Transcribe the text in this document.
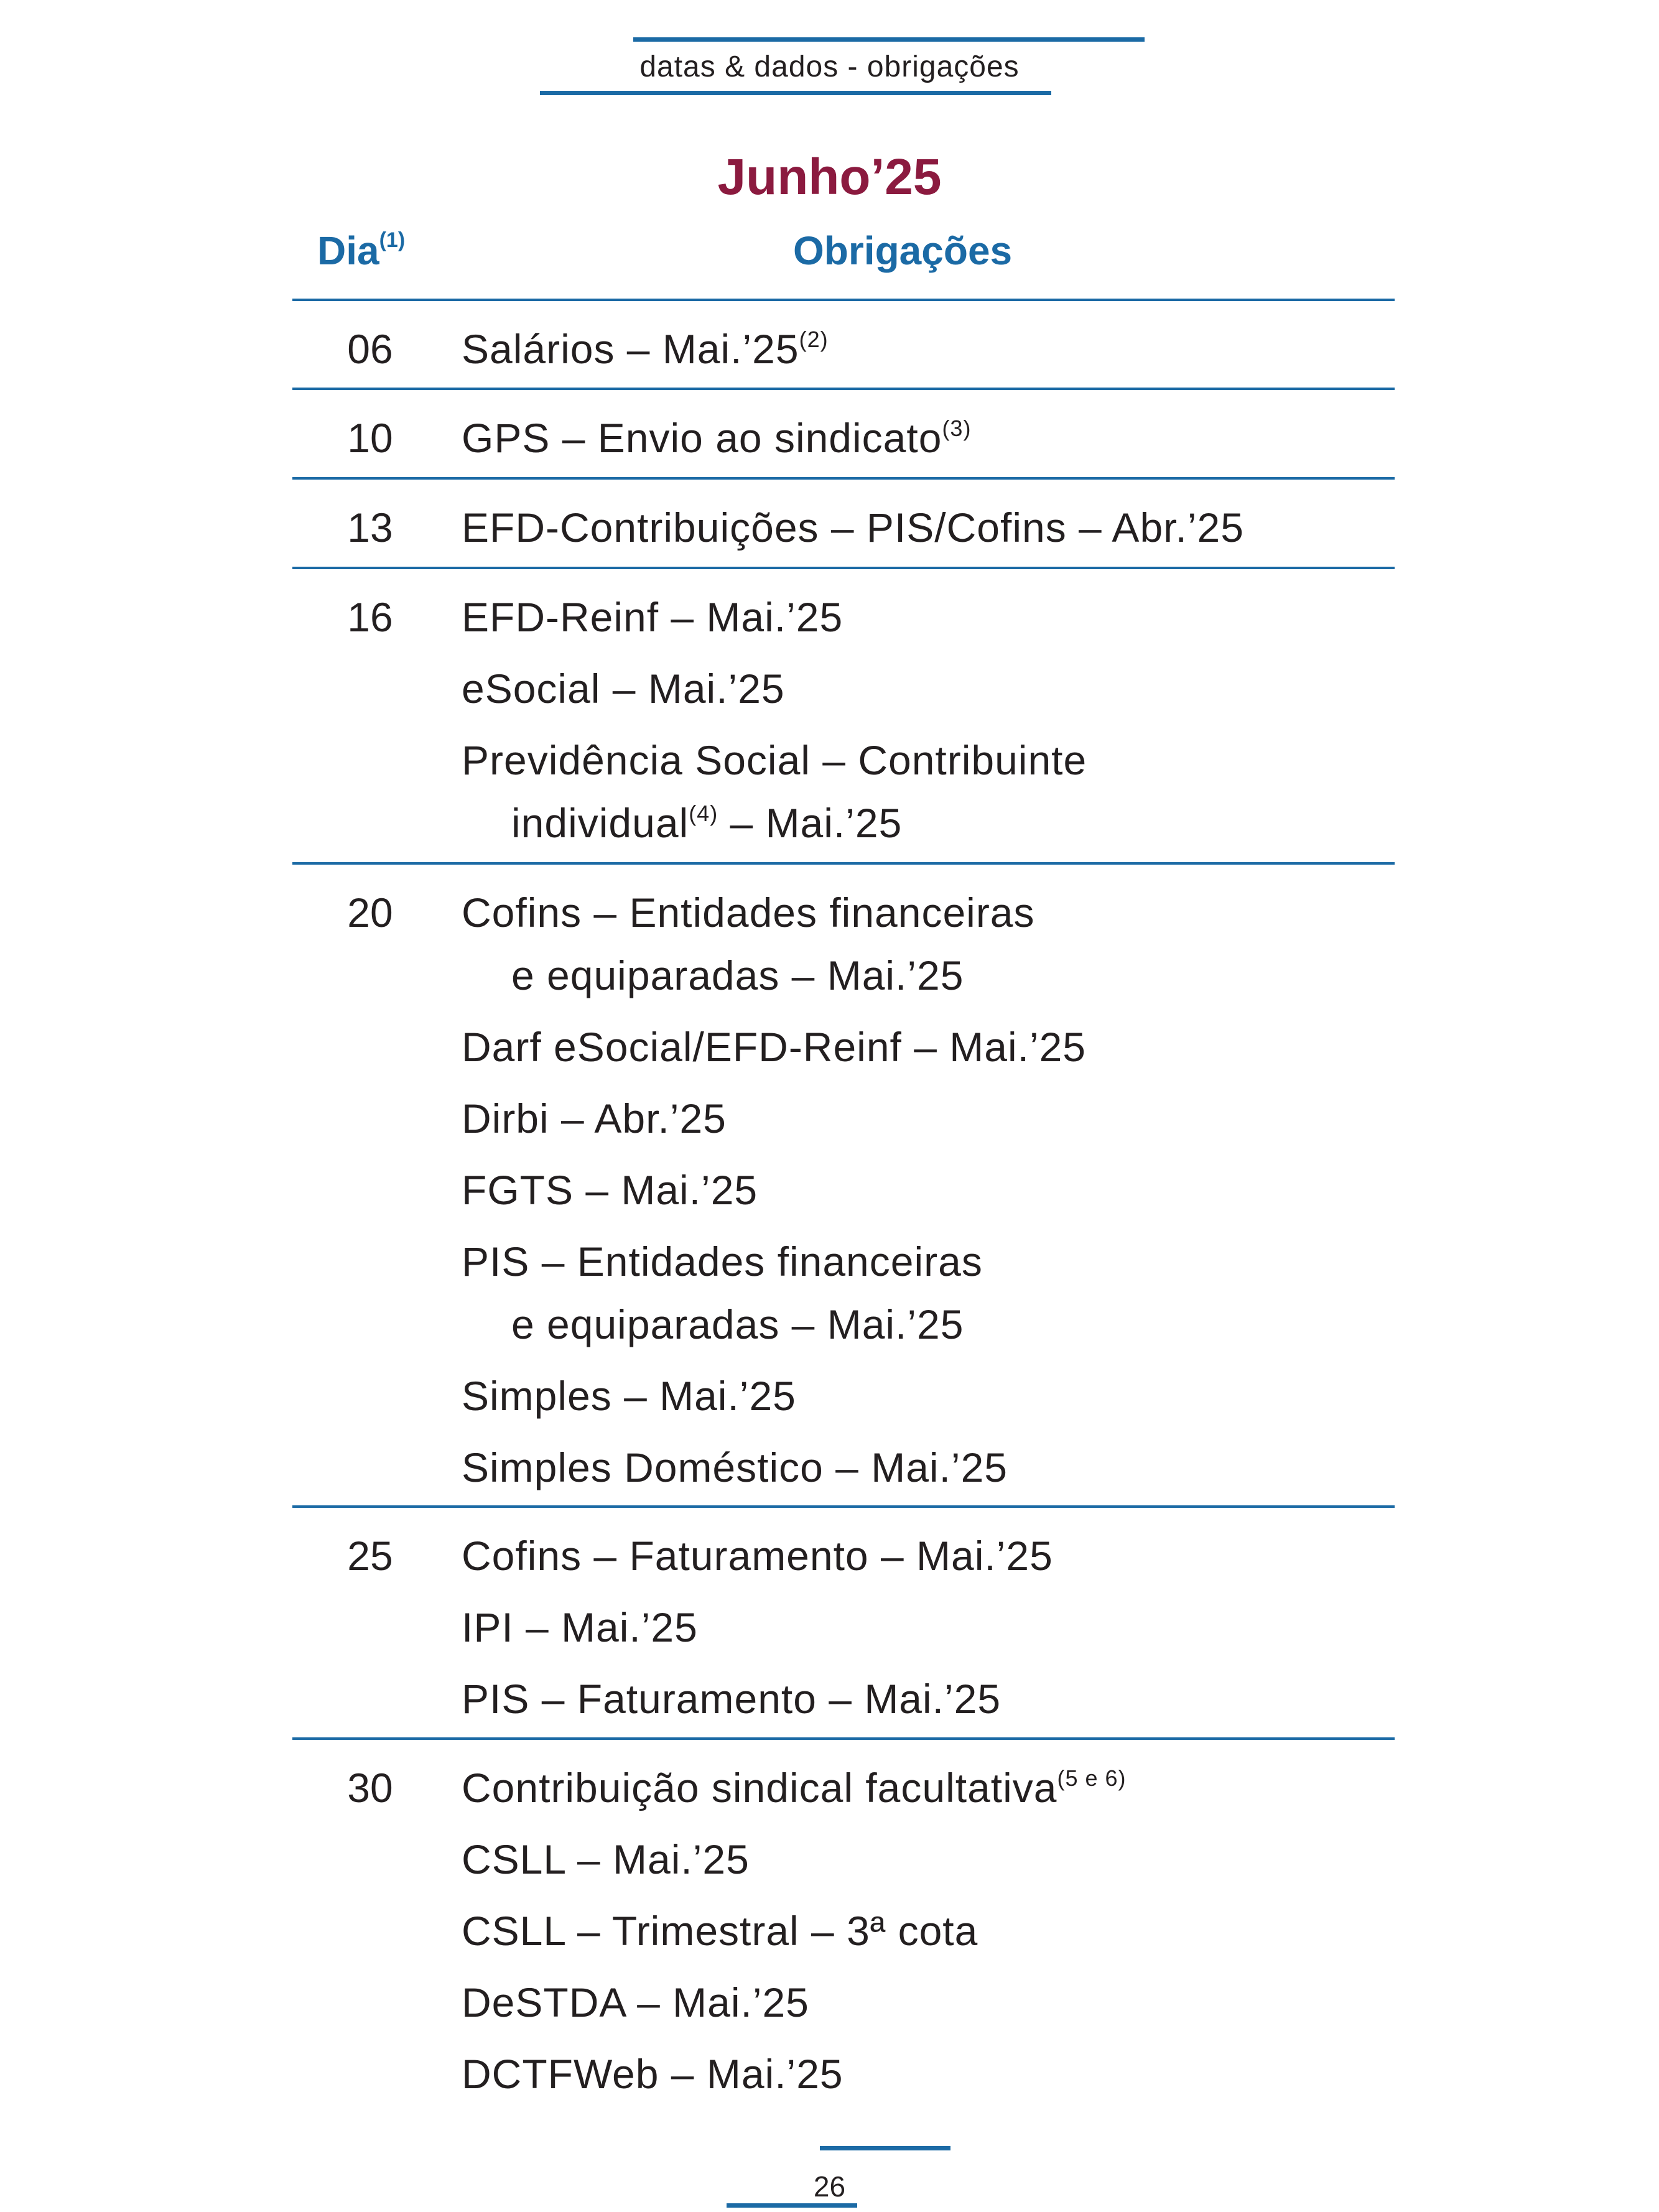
datas & dados - obrigações
Junho’25
Dia$^{(1)}$	Obrigações
06	Salários – Mai.’25$^{(2)}$
10	GPS – Envio ao sindicato$^{(3)}$
13	EFD-Contribuições – PIS/Cofins – Abr.’25
16	EFD-Reinf – Mai.’25
eSocial – Mai.’25
Previdência Social – Contribuinte
individual$^{(4)}$ – Mai.’25
20	Cofins – Entidades financeiras
e equiparadas – Mai.’25
Darf eSocial/EFD-Reinf – Mai.’25
Dirbi – Abr.’25
FGTS – Mai.’25
PIS – Entidades financeiras
e equiparadas – Mai.’25
Simples – Mai.’25
Simples Doméstico – Mai.’25
25	Cofins – Faturamento – Mai.’25
IPI – Mai.’25
PIS – Faturamento – Mai.’25
30	Contribuição sindical facultativa$^{(5 e 6)}$
CSLL – Mai.’25
CSLL – Trimestral – 3ª cota
DeSTDA – Mai.’25
DCTFWeb – Mai.’25
26
